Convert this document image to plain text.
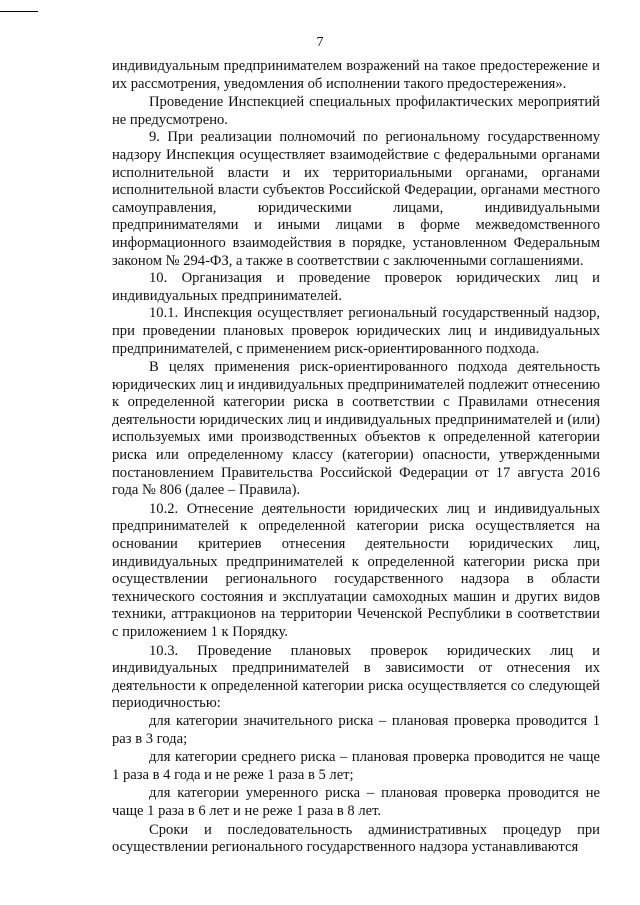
7

индивидуальным предпринимателем возражений на такое предостережение и их рассмотрения, уведомления об исполнении такого предостережения».

Проведение Инспекцией специальных профилактических мероприятий не предусмотрено.

9. При реализации полномочий по региональному государственному надзору Инспекция осуществляет взаимодействие с федеральными органами исполнительной власти и их территориальными органами, органами исполнительной власти субъектов Российской Федерации, органами местного самоуправления, юридическими лицами, индивидуальными предпринимателями и иными лицами в форме межведомственного информационного взаимодействия в порядке, установленном Федеральным законом № 294-ФЗ, а также в соответствии с заключенными соглашениями.

10. Организация и проведение проверок юридических лиц и индивидуальных предпринимателей.

10.1. Инспекция осуществляет региональный государственный надзор, при проведении плановых проверок юридических лиц и индивидуальных предпринимателей, с применением риск-ориентированного подхода.

В целях применения риск-ориентированного подхода деятельность юридических лиц и индивидуальных предпринимателей подлежит отнесению к определенной категории риска в соответствии с Правилами отнесения деятельности юридических лиц и индивидуальных предпринимателей и (или) используемых ими производственных объектов к определенной категории риска или определенному классу (категории) опасности, утвержденными постановлением Правительства Российской Федерации от 17 августа 2016 года № 806 (далее – Правила).

10.2. Отнесение деятельности юридических лиц и индивидуальных предпринимателей к определенной категории риска осуществляется на основании критериев отнесения деятельности юридических лиц, индивидуальных предпринимателей к определенной категории риска при осуществлении регионального государственного надзора в области технического состояния и эксплуатации самоходных машин и других видов техники, аттракционов на территории Чеченской Республики в соответствии с приложением 1 к Порядку.

10.3. Проведение плановых проверок юридических лиц и индивидуальных предпринимателей в зависимости от отнесения их деятельности к определенной категории риска осуществляется со следующей периодичностью:

для категории значительного риска – плановая проверка проводится 1 раз в 3 года;

для категории среднего риска – плановая проверка проводится не чаще 1 раза в 4 года и не реже 1 раза в 5 лет;

для категории умеренного риска – плановая проверка проводится не чаще 1 раза в 6 лет и не реже 1 раза в 8 лет.

Сроки и последовательность административных процедур при осуществлении регионального государственного надзора устанавливаются
